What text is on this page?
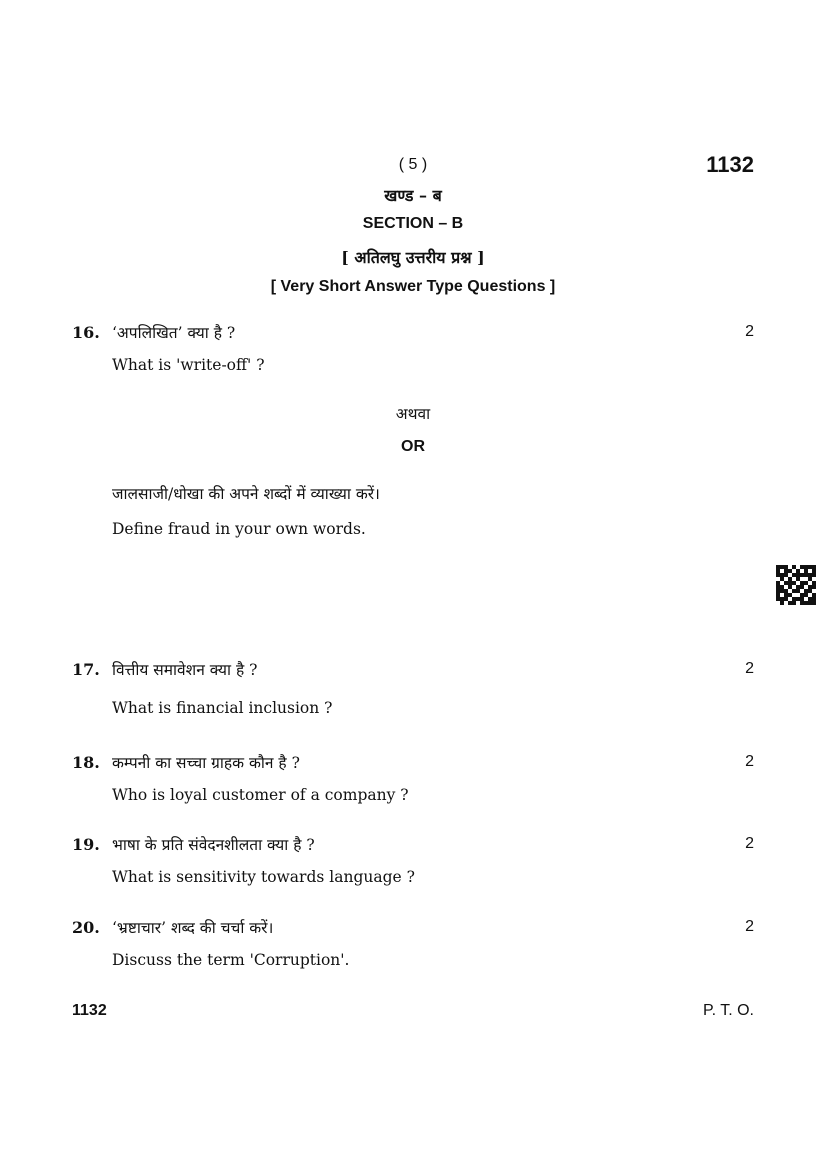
( 5 )	1132
खण्ड – ब
SECTION – B
[ अतिलघु उत्तरीय प्रश्न ]
[ Very Short Answer Type Questions ]
16. ‘अपलिखित’ क्या है ?	2
What is 'write-off' ?
अथवा
OR
जालसाजी/धोखा की अपने शब्दों में व्याख्या करें।
Define fraud in your own words.
17. वित्तीय समावेशन क्या है ?	2
What is financial inclusion ?
18. कम्पनी का सच्चा ग्राहक कौन है ?	2
Who is loyal customer of a company ?
19. भाषा के प्रति संवेदनशीलता क्या है ?	2
What is sensitivity towards language ?
20. ‘भ्रष्टाचार’ शब्द की चर्चा करें।	2
Discuss the term 'Corruption'.
1132	P. T. O.
